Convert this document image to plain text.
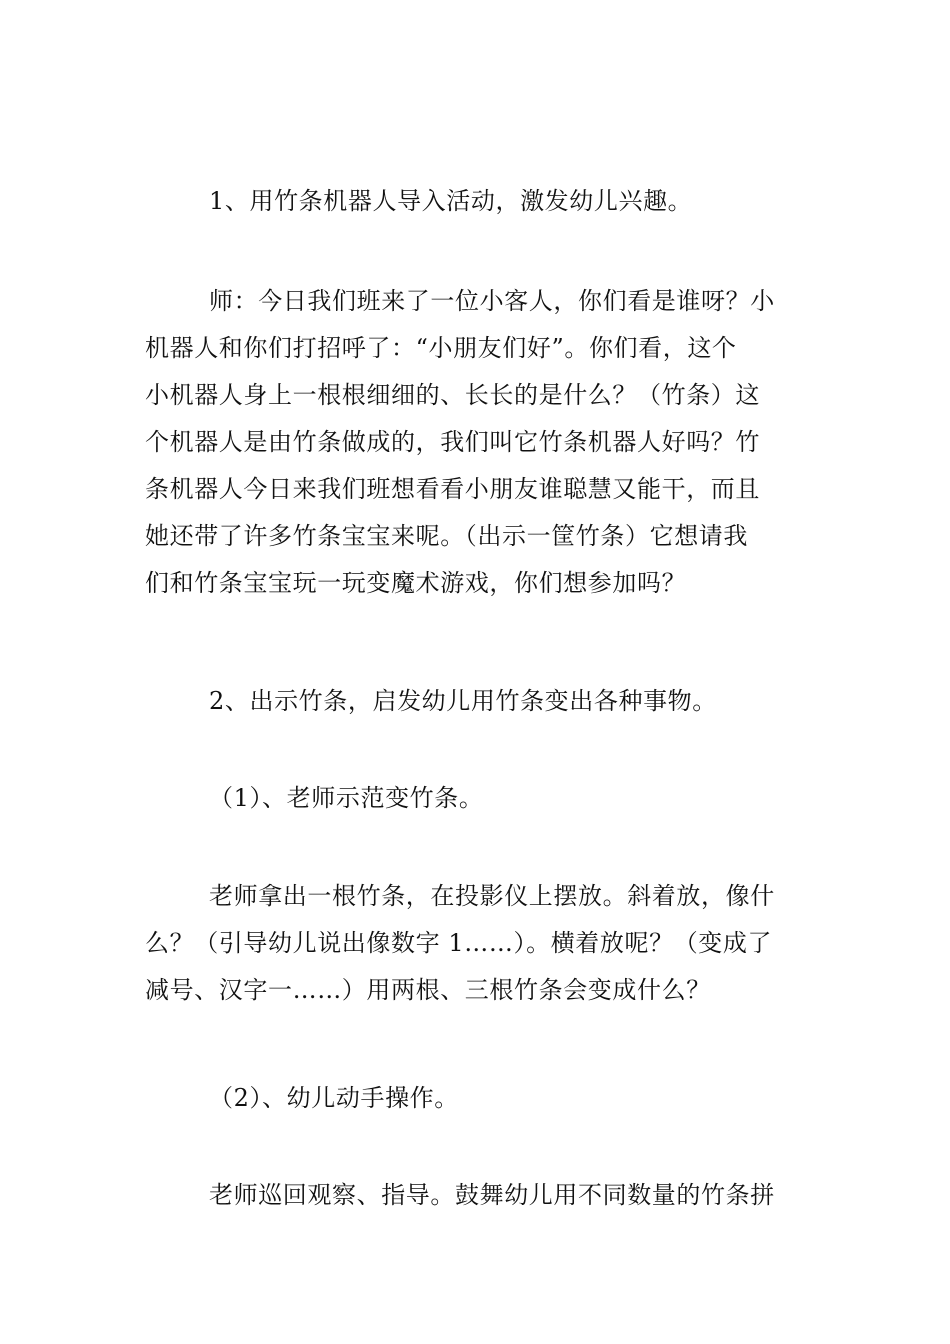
1、用竹条机器人导入活动，激发幼儿兴趣。

师：今日我们班来了一位小客人，你们看是谁呀？小
机器人和你们打招呼了：“小朋友们好”。你们看，这个
小机器人身上一根根细细的、长长的是什么？（竹条）这
个机器人是由竹条做成的，我们叫它竹条机器人好吗？竹
条机器人今日来我们班想看看小朋友谁聪慧又能干，而且
她还带了许多竹条宝宝来呢。（出示一筐竹条）它想请我
们和竹条宝宝玩一玩变魔术游戏，你们想参加吗？

2、出示竹条，启发幼儿用竹条变出各种事物。

（1）、老师示范变竹条。

老师拿出一根竹条，在投影仪上摆放。斜着放，像什
么？（引导幼儿说出像数字 1……）。横着放呢？（变成了
减号、汉字一……）用两根、三根竹条会变成什么？

（2）、幼儿动手操作。

老师巡回观察、指导。鼓舞幼儿用不同数量的竹条拼
